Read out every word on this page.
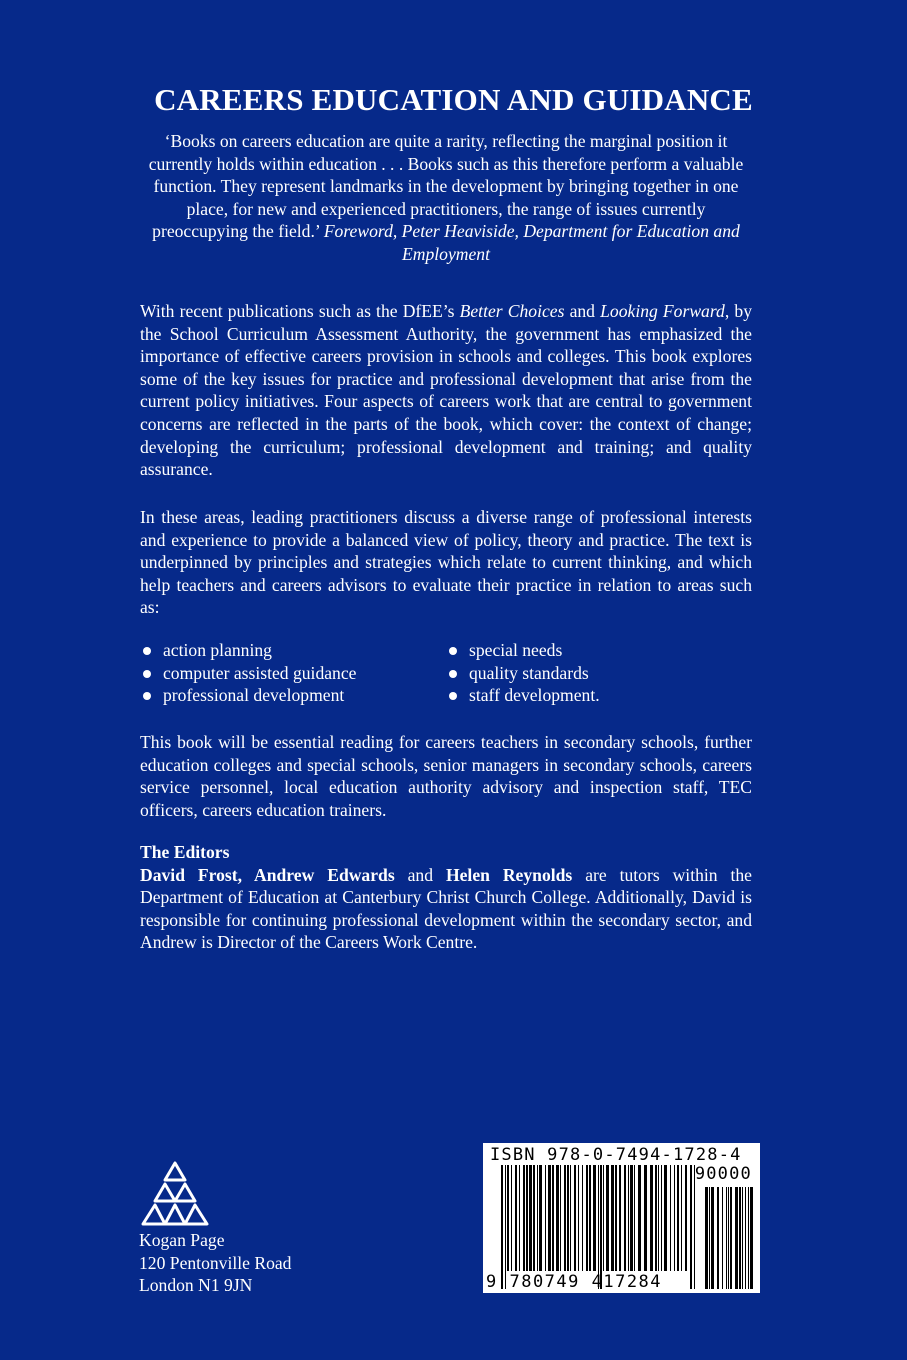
CAREERS EDUCATION AND GUIDANCE
‘Books on careers education are quite a rarity, reflecting the marginal position it currently holds within education . . . Books such as this therefore perform a valuable function. They represent landmarks in the development by bringing together in one place, for new and experienced practitioners, the range of issues currently preoccupying the field.’ Foreword, Peter Heaviside, Department for Education and Employment
With recent publications such as the DfEE’s Better Choices and Looking Forward, by the School Curriculum Assessment Authority, the government has emphasized the importance of effective careers provision in schools and colleges. This book explores some of the key issues for practice and professional development that arise from the current policy initiatives. Four aspects of careers work that are central to government concerns are reflected in the parts of the book, which cover: the context of change; developing the curriculum; professional development and training; and quality assurance.
In these areas, leading practitioners discuss a diverse range of professional interests and experience to provide a balanced view of policy, theory and practice. The text is underpinned by principles and strategies which relate to current thinking, and which help teachers and careers advisors to evaluate their practice in relation to areas such as:
action planning
computer assisted guidance
professional development
special needs
quality standards
staff development.
This book will be essential reading for careers teachers in secondary schools, further education colleges and special schools, senior managers in secondary schools, careers service personnel, local education authority advisory and inspection staff, TEC officers, careers education trainers.
The Editors
David Frost, Andrew Edwards and Helen Reynolds are tutors within the Department of Education at Canterbury Christ Church College. Additionally, David is responsible for continuing professional development within the secondary sector, and Andrew is Director of the Careers Work Centre.
Kogan Page
120 Pentonville Road
London N1 9JN
ISBN 978-0-7494-1728-4
90000
9 780749 417284
